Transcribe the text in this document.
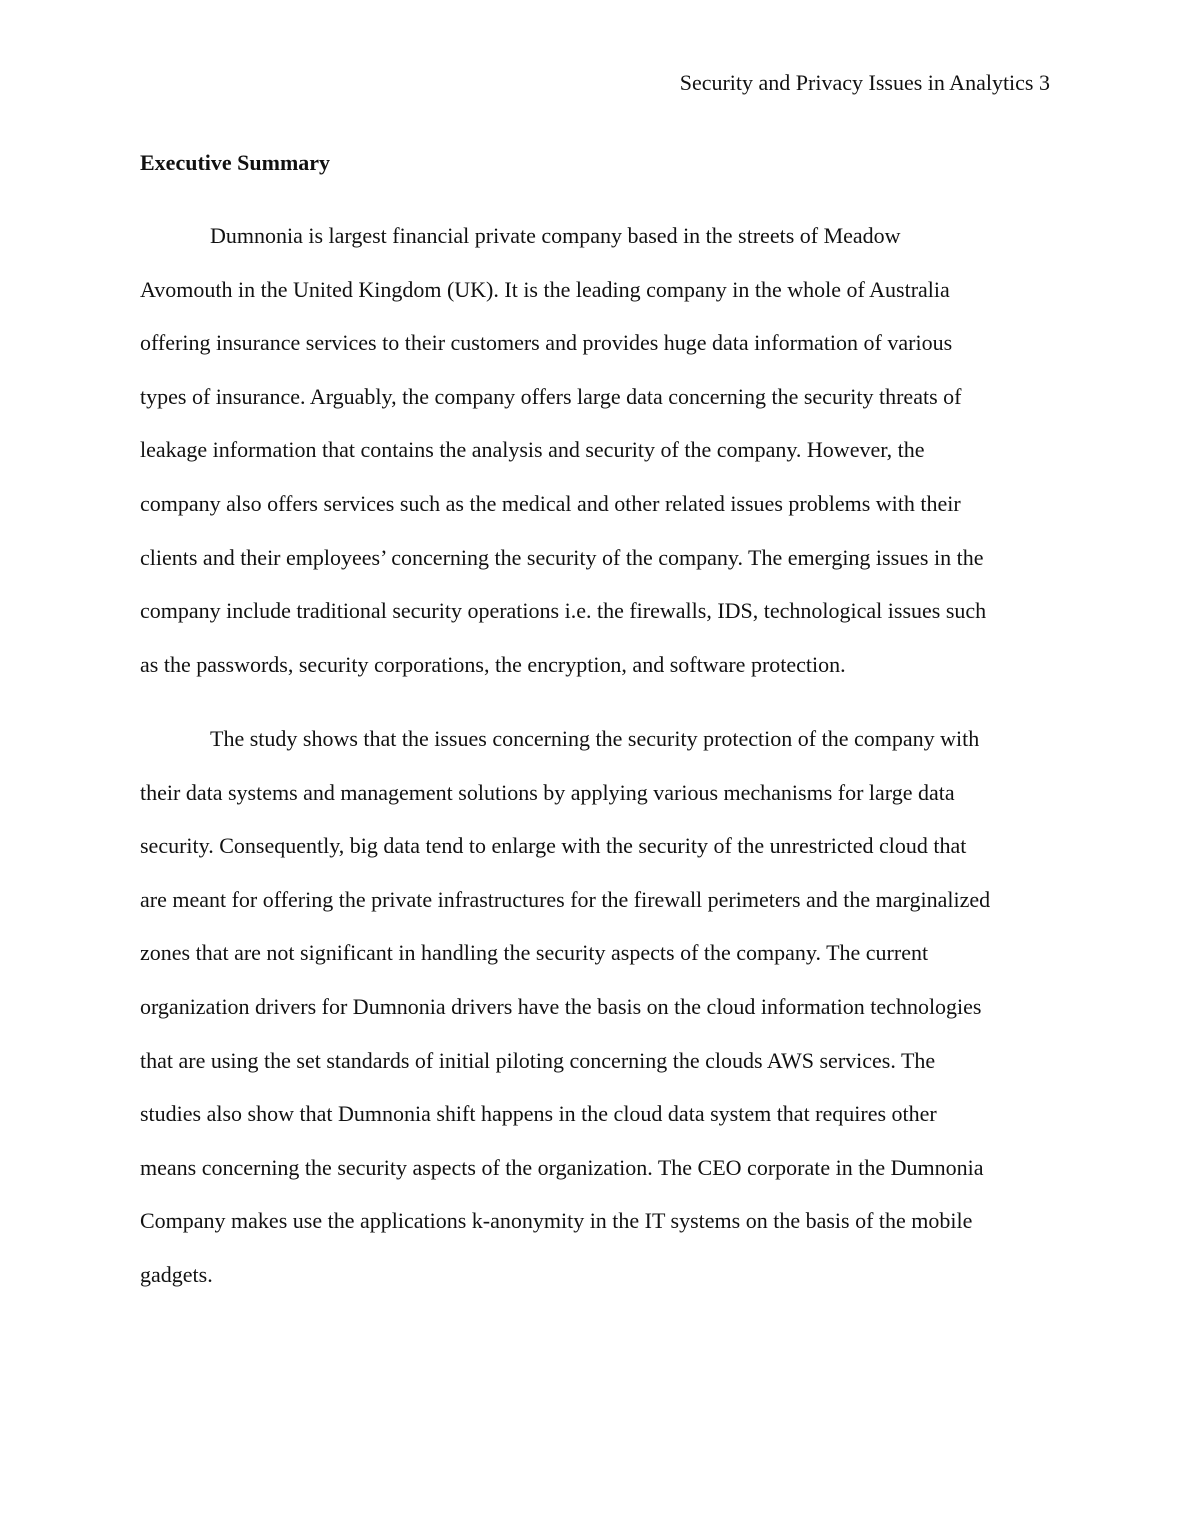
Security and Privacy Issues in Analytics 3
Executive Summary
Dumnonia is largest financial private company based in the streets of Meadow
Avomouth in the United Kingdom (UK). It is the leading company in the whole of Australia
offering insurance services to their customers and provides huge data information of various
types of insurance. Arguably, the company offers large data concerning the security threats of
leakage information that contains the analysis and security of the company. However, the
company also offers services such as the medical and other related issues problems with their
clients and their employees’ concerning the security of the company. The emerging issues in the
company include traditional security operations i.e. the firewalls, IDS, technological issues such
as the passwords, security corporations, the encryption, and software protection.
The study shows that the issues concerning the security protection of the company with
their data systems and management solutions by applying various mechanisms for large data
security. Consequently, big data tend to enlarge with the security of the unrestricted cloud that
are meant for offering the private infrastructures for the firewall perimeters and the marginalized
zones that are not significant in handling the security aspects of the company. The current
organization drivers for Dumnonia drivers have the basis on the cloud information technologies
that are using the set standards of initial piloting concerning the clouds AWS services. The
studies also show that Dumnonia shift happens in the cloud data system that requires other
means concerning the security aspects of the organization. The CEO corporate in the Dumnonia
Company makes use the applications k-anonymity in the IT systems on the basis of the mobile
gadgets.
